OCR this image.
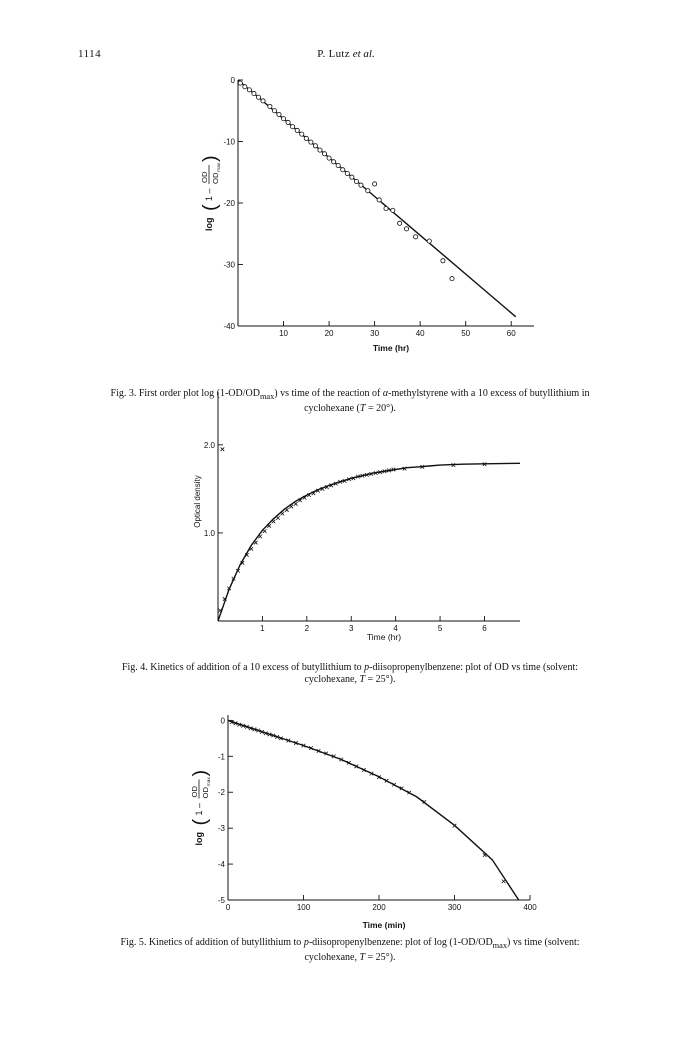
1114	P. Lutz et al.
10	20	30	40	50	60
0
-10
-20
-30
-40
Time (hr)
log
(
1 –
OD OD
max
)

Fig. 3. First order plot $\log (1-OD/OD_{max})$ vs time of the reaction of α-methylstyrene with a 10 excess of butyllithium in cyclohexane (T = 20°).

1	2	3	4	5	6
1.0
2.0
Time (hr)
Optical density

Fig. 4. Kinetics of addition of a 10 excess of butyllithium to p-diisopropenylbenzene: plot of OD vs time (solvent: cyclohexane, T = 25°).

0	100	200	300	400
0
-1
-2
-3
-4
-5
Time (min)
log
(
1 –
OD OD
max
)

Fig. 5. Kinetics of addition of butyllithium to p-diisopropenylbenzene: plot of $\log (1-OD/OD_{max})$ vs time (solvent: cyclohexane, T = 25°).
